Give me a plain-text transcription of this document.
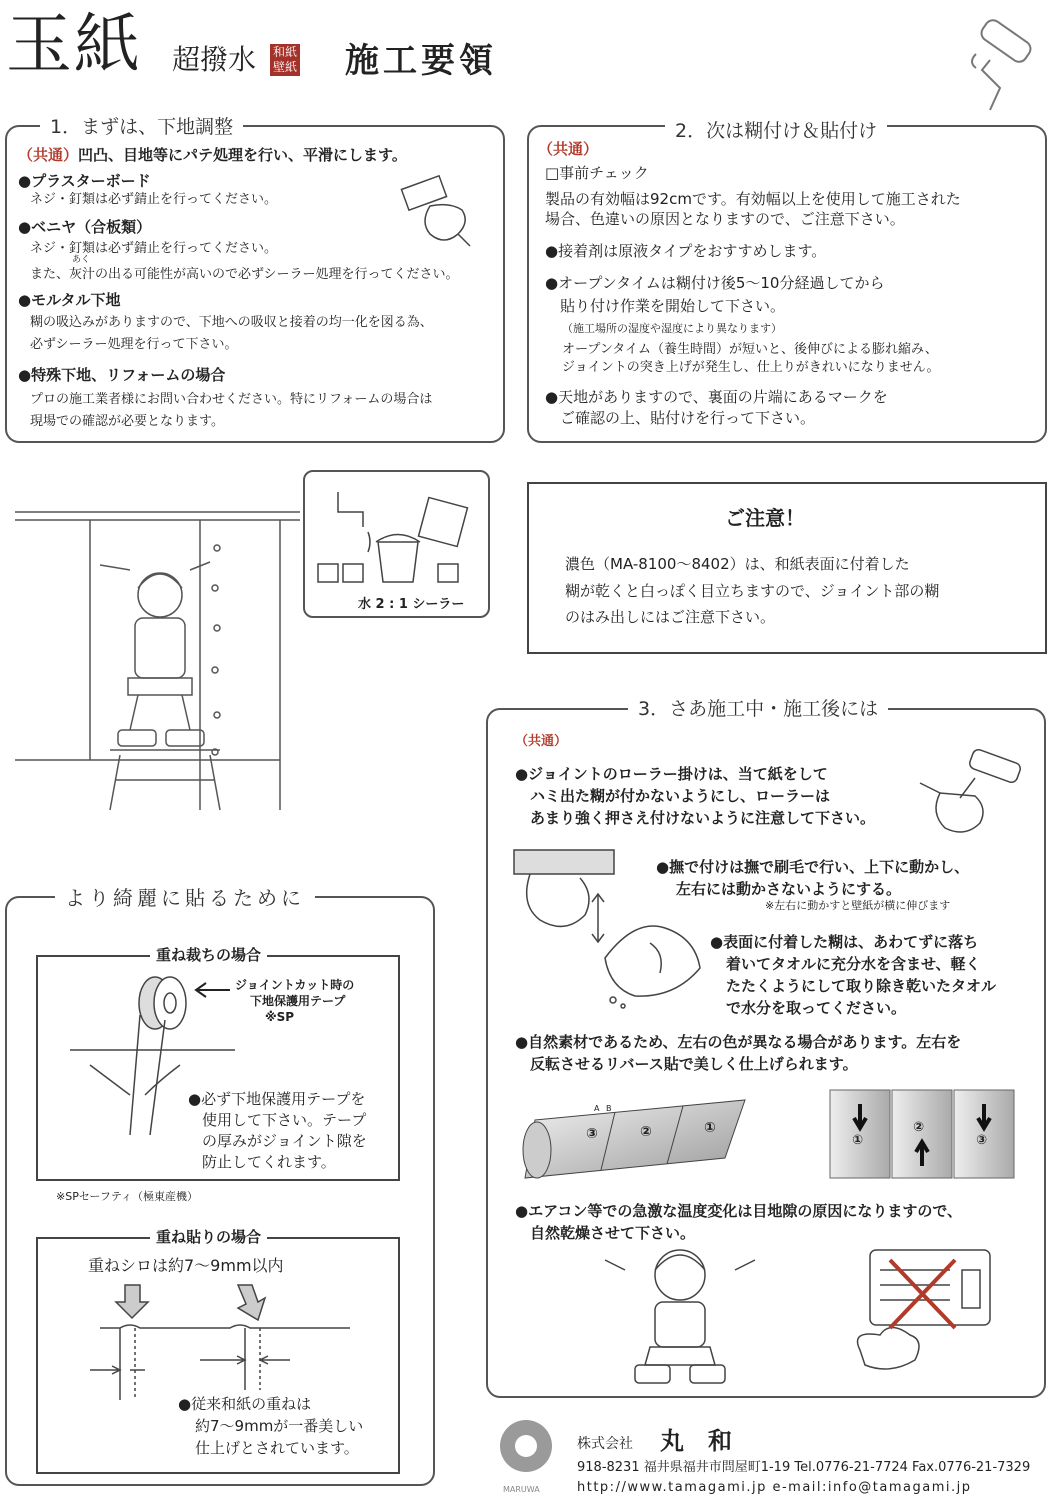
玉紙 超撥水 和紙
壁紙 施工要領
1．まずは、下地調整
（共通）凹凸、目地等にパテ処理を行い、平滑にします。
●プラスターボード
ネジ・釘類は必ず錆止を行ってください。
●ベニヤ（合板類）
ネジ・釘類は必ず錆止を行ってください。
あく
また、灰汁の出る可能性が高いので必ずシーラー処理を行ってください。
●モルタル下地
糊の吸込みがありますので、下地への吸収と接着の均一化を図る為、
必ずシーラー処理を行って下さい。
●特殊下地、リフォームの場合
プロの施工業者様にお問い合わせください。特にリフォームの場合は
現場での確認が必要となります。
2．次は糊付け＆貼付け
（共通）
□事前チェック
製品の有効幅は92cmです。有効幅以上を使用して施工された
場合、色違いの原因となりますので、ご注意下さい。
●接着剤は原液タイプをおすすめします。
●オープンタイムは糊付け後5～10分経過してから
　貼り付け作業を開始して下さい。
（施工場所の湿度や湿度により異なります）
オープンタイム（養生時間）が短いと、後伸びによる膨れ縮み、
ジョイントの突き上げが発生し、仕上りがきれいになりません。
●天地がありますので、裏面の片端にあるマークを
　ご確認の上、貼付けを行って下さい。
水 2 : 1 シーラー
ご注意！
濃色（MA-8100～8402）は、和紙表面に付着した
糊が乾くと白っぽく目立ちますので、ジョイント部の糊
のはみ出しにはご注意下さい。
3．さあ施工中・施工後には
（共通）
●ジョイントのローラー掛けは、当て紙をして
ハミ出た糊が付かないようにし、ローラーは
あまり強く押さえ付けないように注意して下さい。
●撫で付けは撫で刷毛で行い、上下に動かし、
左右には動かさないようにする。
※左右に動かすと壁紙が横に伸びます
●表面に付着した糊は、あわてずに落ち
着いてタオルに充分水を含ませ、軽く
たたくようにして取り除き乾いたタオル
で水分を取ってください。
●自然素材であるため、左右の色が異なる場合があります。左右を
反転させるリバース貼で美しく仕上げられます。
③	②	①
A B
①
②
③
●エアコン等での急激な温度変化は目地隙の原因になりますので、
自然乾燥させて下さい。
より綺麗に貼るために
重ね裁ちの場合
ジョイントカット時の
下地保護用テープ
※SP
●必ず下地保護用テープを
使用して下さい。テープ
の厚みがジョイント隙を
防止してくれます。
※SPセーフティ（極東産機）
重ね貼りの場合
重ねシロは約7～9mm以内
●従来和紙の重ねは
約7～9mmが一番美しい
仕上げとされています。
MARUWA
株式会社 丸　和
918-8231 福井県福井市問屋町1-19 Tel.0776-21-7724 Fax.0776-21-7329
http://www.tamagami.jp e-mail:info@tamagami.jp
